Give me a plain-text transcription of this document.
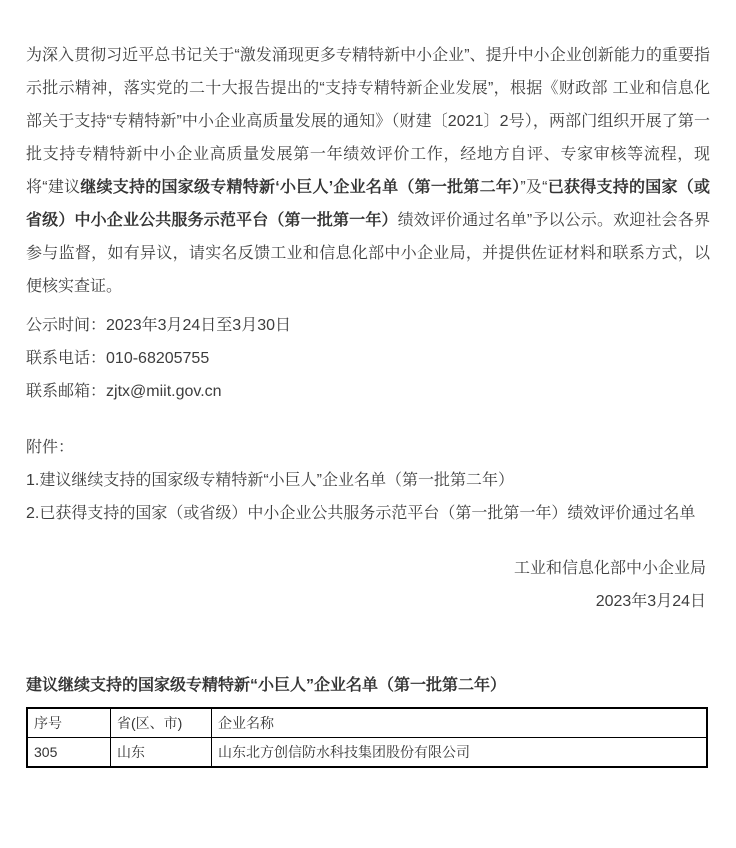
为深入贯彻习近平总书记关于“激发涌现更多专精特新中小企业”、提升中小企业创新能力的重要指示批示精神，落实党的二十大报告提出的“支持专精特新企业发展”，根据《财政部 工业和信息化部关于支持“专精特新”中小企业高质量发展的通知》（财建〔2021〕2号），两部门组织开展了第一批支持专精特新中小企业高质量发展第一年绩效评价工作，经地方自评、专家审核等流程，现将“建议继续支持的国家级专精特新‘小巨人’企业名单（第一批第二年）”及“已获得支持的国家（或省级）中小企业公共服务示范平台（第一批第一年）绩效评价通过名单”予以公示。欢迎社会各界参与监督，如有异议，请实名反馈工业和信息化部中小企业局，并提供佐证材料和联系方式，以便核实查证。

公示时间：2023年3月24日至3月30日
联系电话：010-68205755
联系邮箱：zjtx@miit.gov.cn
附件：
1.建议继续支持的国家级专精特新“小巨人”企业名单（第一批第二年）
2.已获得支持的国家（或省级）中小企业公共服务示范平台（第一批第一年）绩效评价通过名单
工业和信息化部中小企业局
2023年3月24日
建议继续支持的国家级专精特新“小巨人”企业名单（第一批第二年）
序号	省(区、市)	企业名称
305	山东	山东北方创信防水科技集团股份有限公司
